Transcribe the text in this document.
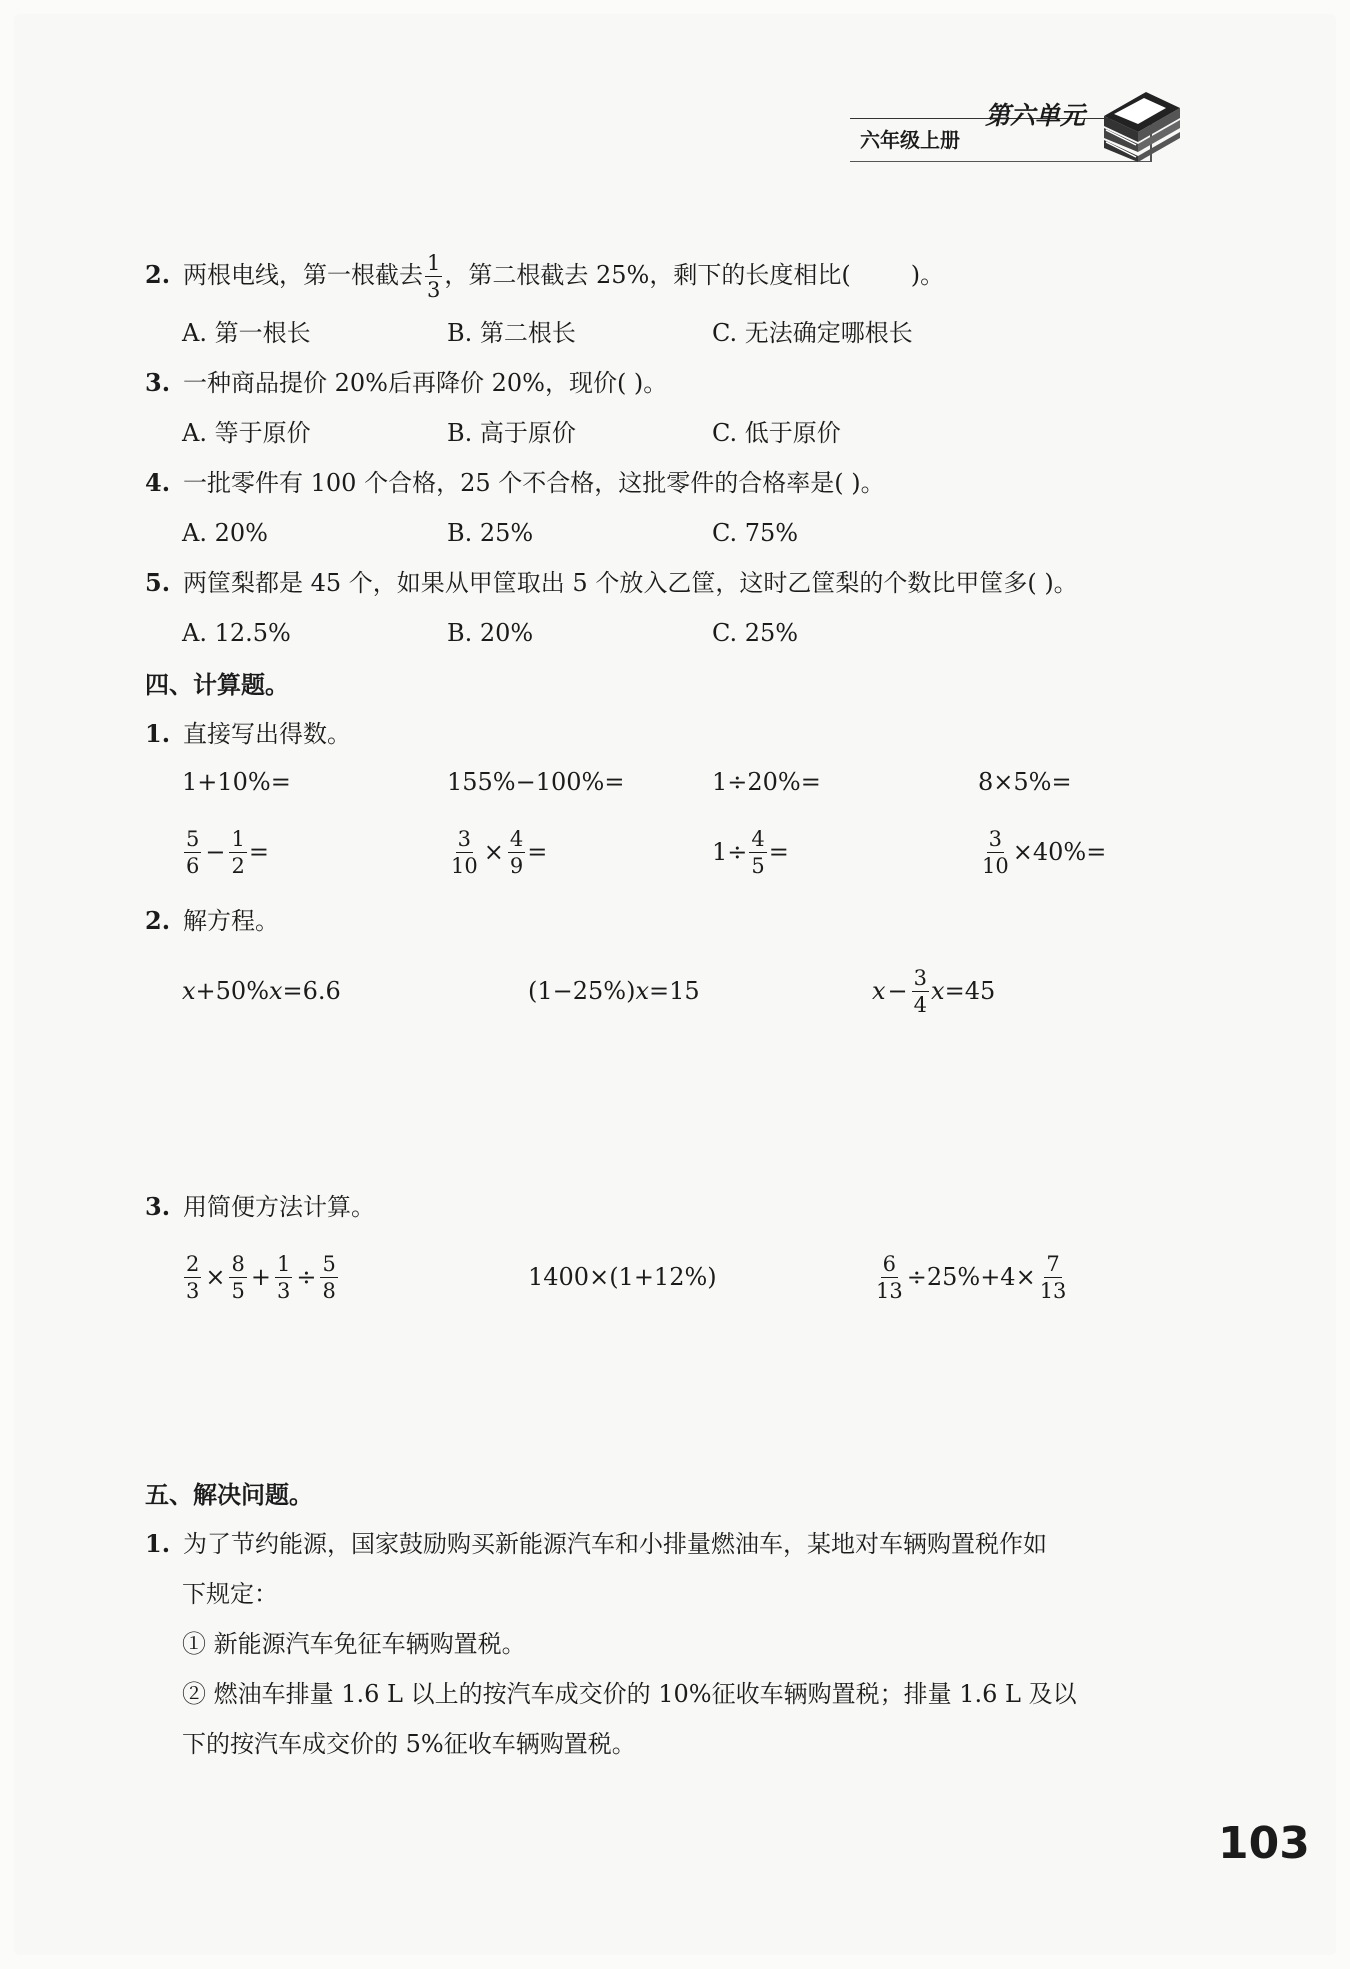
六年级上册
第六单元
2. 两根电线，第一根截去 $\frac{1}{3}$ ，第二根截去 25%，剩下的长度相比(	)。
A. 第一根长	B. 第二根长	C. 无法确定哪根长
3. 一种商品提价 20%后再降价 20%，现价( )。
A. 等于原价	B. 高于原价	C. 低于原价
4. 一批零件有 100 个合格，25 个不合格，这批零件的合格率是( )。
A. 20%	B. 25%	C. 75%
5. 两筐梨都是 45 个，如果从甲筐取出 5 个放入乙筐，这时乙筐梨的个数比甲筐多( )。
A. 12.5%	B. 20%	C. 25%
四、计算题。
1. 直接写出得数。
1+10%=	155%−100%=	1÷20%=	8×5%=
$\frac{5}{6} - \frac{1}{2}$ =	$\frac{3}{10} \times \frac{4}{9}$ =	$1\div \frac{4}{5}$ =	$\frac{3}{10} \times 40\%=$
2. 解方程。
x +50% x =6.6	(1−25%) x =15	$x - \frac{3}{4}$ x =45
3. 用简便方法计算。
$\frac{2}{3} \times \frac{8}{5} + \frac{1}{3} \div \frac{5}{8}$	1400×(1+12%)	$\frac{6}{13} \div 25\%+4\times \frac{7}{13}$
五、解决问题。
1. 为了节约能源，国家鼓励购买新能源汽车和小排量燃油车，某地对车辆购置税作如
下规定：
① 新能源汽车免征车辆购置税。
② 燃油车排量 1.6 L 以上的按汽车成交价的 10%征收车辆购置税；排量 1.6 L 及以
下的按汽车成交价的 5%征收车辆购置税。
103
